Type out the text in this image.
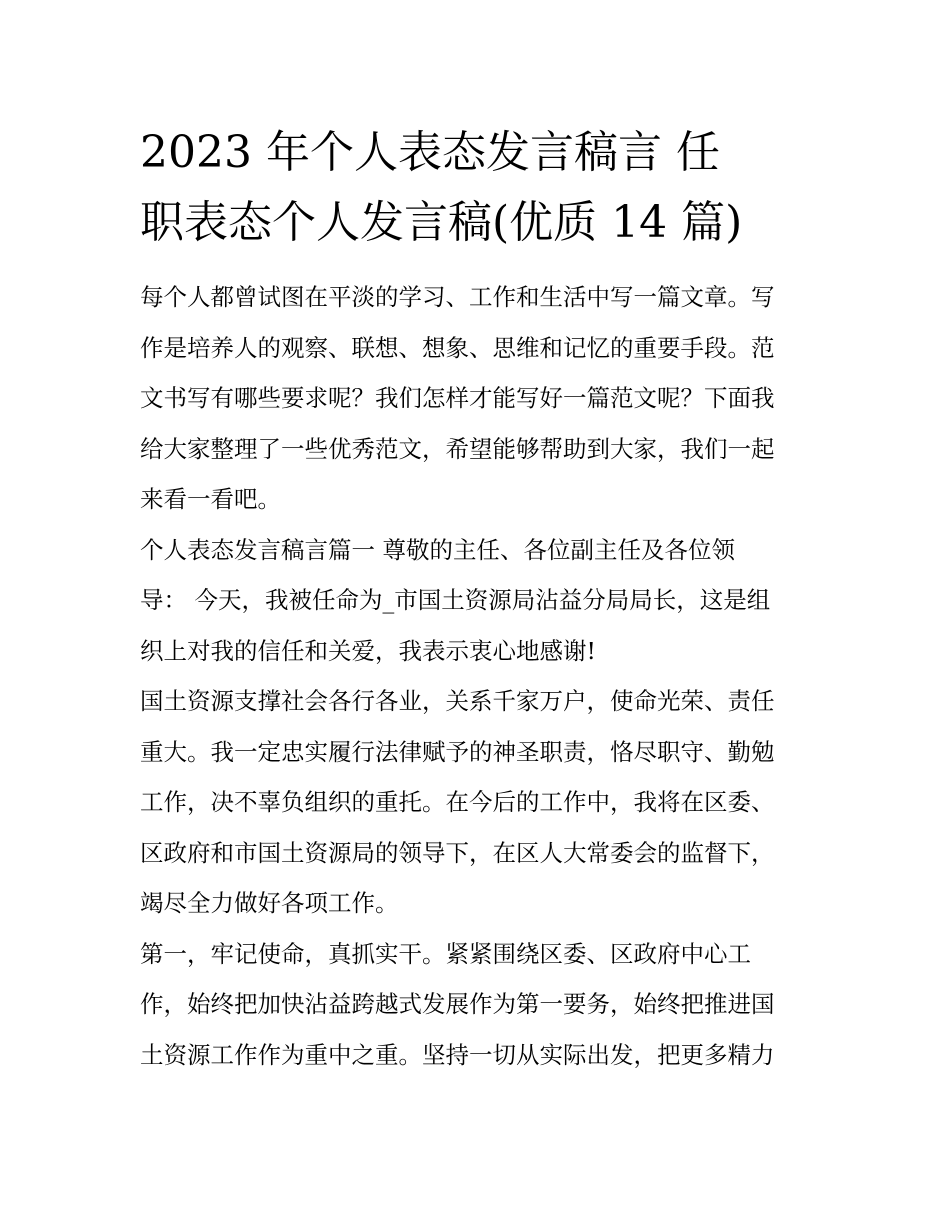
2023 年个人表态发言稿言 任
职表态个人发言稿(优质 14 篇)

每个人都曾试图在平淡的学习、工作和生活中写一篇文章。写
作是培养人的观察、联想、想象、思维和记忆的重要手段。范
文书写有哪些要求呢？我们怎样才能写好一篇范文呢？下面我
给大家整理了一些优秀范文，希望能够帮助到大家，我们一起
来看一看吧。

个人表态发言稿言篇一 尊敬的主任、各位副主任及各位领
导： 今天，我被任命为_市国土资源局沾益分局局长，这是组
织上对我的信任和关爱，我表示衷心地感谢!

国土资源支撑社会各行各业，关系千家万户，使命光荣、责任
重大。我一定忠实履行法律赋予的神圣职责，恪尽职守、勤勉
工作，决不辜负组织的重托。在今后的工作中，我将在区委、
区政府和市国土资源局的领导下，在区人大常委会的监督下，
竭尽全力做好各项工作。

第一，牢记使命，真抓实干。紧紧围绕区委、区政府中心工
作，始终把加快沾益跨越式发展作为第一要务，始终把推进国
土资源工作作为重中之重。坚持一切从实际出发，把更多精力
